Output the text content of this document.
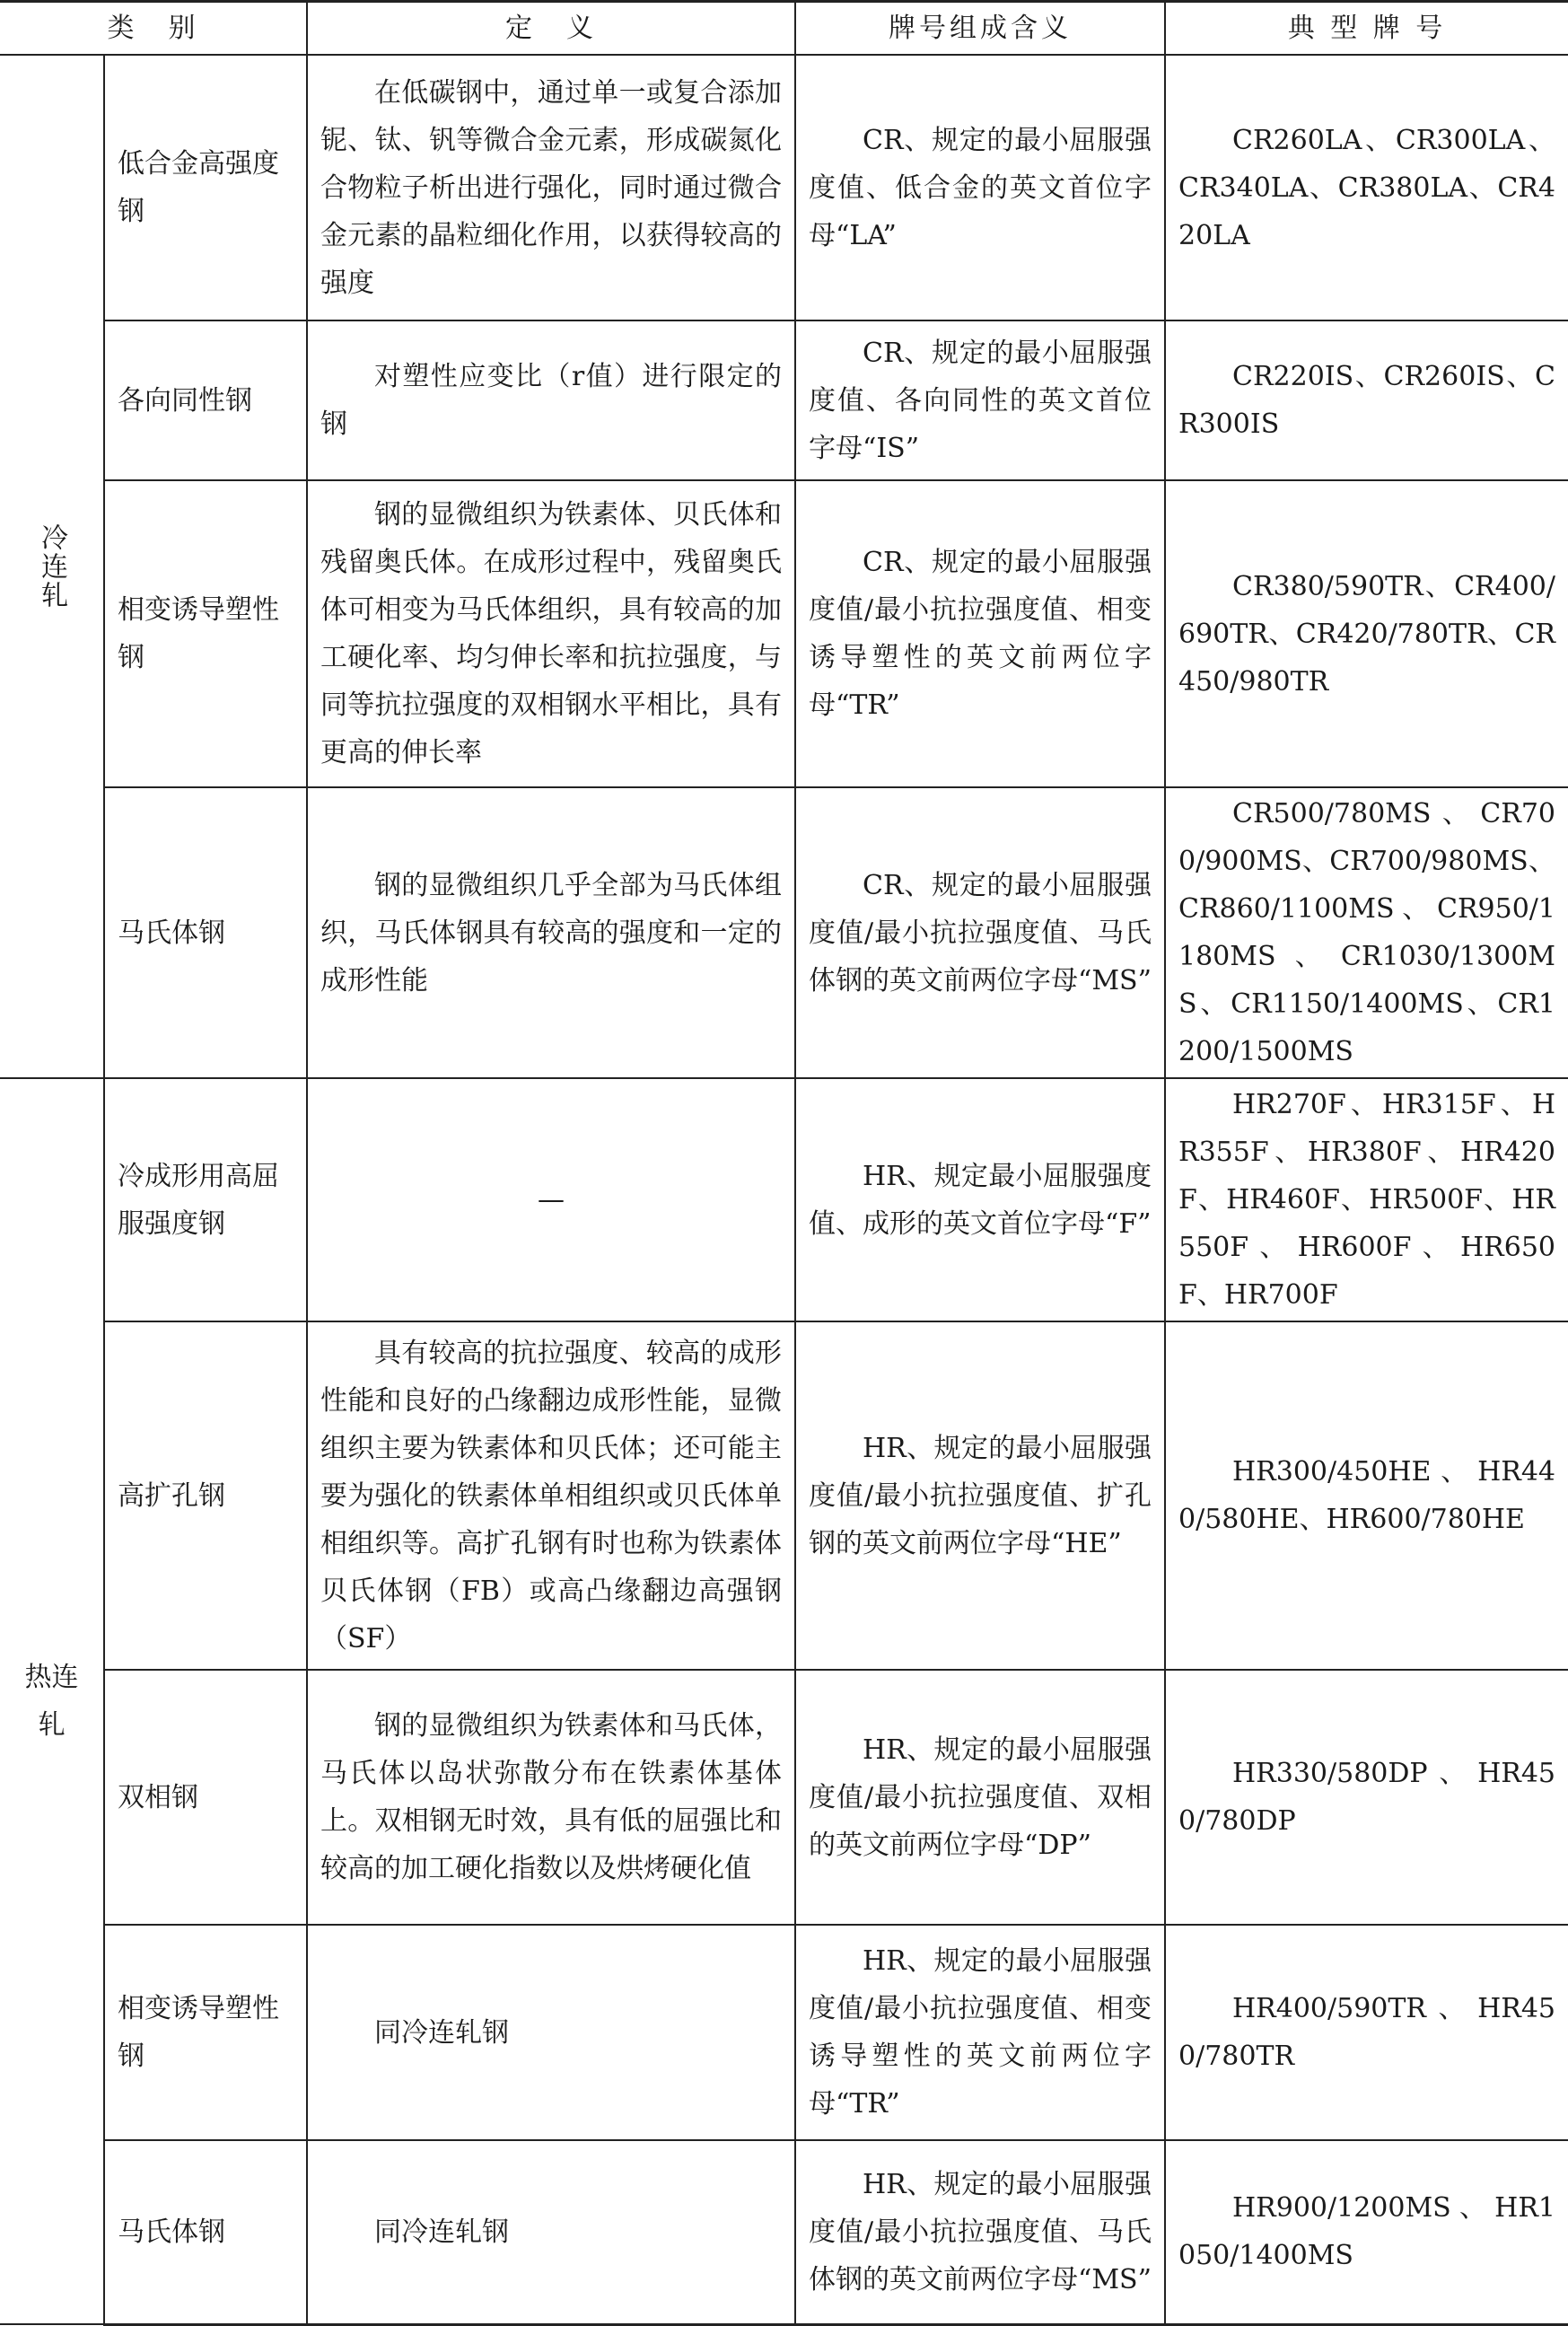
类　别		定　义	牌号组成含义	典 型 牌 号
冷连轧	低合金高强度钢	在低碳钢中，通过单一或复合添加铌、钛、钒等微合金元素，形成碳氮化合物粒子析出进行强化，同时通过微合金元素的晶粒细化作用，以获得较高的强度	CR、规定的最小屈服强度值、低合金的英文首位字母“LA”	CR260LA、CR300LA、CR340LA、CR380LA、CR420LA
	各向同性钢	对塑性应变比（r值）进行限定的钢	CR、规定的最小屈服强度值、各向同性的英文首位字母“IS”	CR220IS、CR260IS、CR300IS
	相变诱导塑性钢	钢的显微组织为铁素体、贝氏体和残留奥氏体。在成形过程中，残留奥氏体可相变为马氏体组织，具有较高的加工硬化率、均匀伸长率和抗拉强度，与同等抗拉强度的双相钢水平相比，具有更高的伸长率	CR、规定的最小屈服强度值/最小抗拉强度值、相变诱导塑性的英文前两位字母“TR”	CR380/590TR、CR400/690TR、CR420/780TR、CR450/980TR
	马氏体钢	钢的显微组织几乎全部为马氏体组织，马氏体钢具有较高的强度和一定的成形性能	CR、规定的最小屈服强度值/最小抗拉强度值、马氏体钢的英文前两位字母“MS”	CR500/780MS、CR700/900MS、CR700/980MS、CR860/1100MS、CR950/1180MS、CR1030/1300MS、CR1150/1400MS、CR1200/1500MS
热连轧	冷成形用高屈服强度钢	—	HR、规定最小屈服强度值、成形的英文首位字母“F”	HR270F、HR315F、HR355F、HR380F、HR420F、HR460F、HR500F、HR550F、HR600F、HR650F、HR700F
	高扩孔钢	具有较高的抗拉强度、较高的成形性能和良好的凸缘翻边成形性能，显微组织主要为铁素体和贝氏体；还可能主要为强化的铁素体单相组织或贝氏体单相组织等。高扩孔钢有时也称为铁素体贝氏体钢（FB）或高凸缘翻边高强钢（SF）	HR、规定的最小屈服强度值/最小抗拉强度值、扩孔钢的英文前两位字母“HE”	HR300/450HE、HR440/580HE、HR600/780HE
	双相钢	钢的显微组织为铁素体和马氏体，马氏体以岛状弥散分布在铁素体基体上。双相钢无时效，具有低的屈强比和较高的加工硬化指数以及烘烤硬化值	HR、规定的最小屈服强度值/最小抗拉强度值、双相的英文前两位字母“DP”	HR330/580DP、HR450/780DP
	相变诱导塑性钢	同冷连轧钢	HR、规定的最小屈服强度值/最小抗拉强度值、相变诱导塑性的英文前两位字母“TR”	HR400/590TR、HR450/780TR
	马氏体钢	同冷连轧钢	HR、规定的最小屈服强度值/最小抗拉强度值、马氏体钢的英文前两位字母“MS”	HR900/1200MS、HR1050/1400MS
